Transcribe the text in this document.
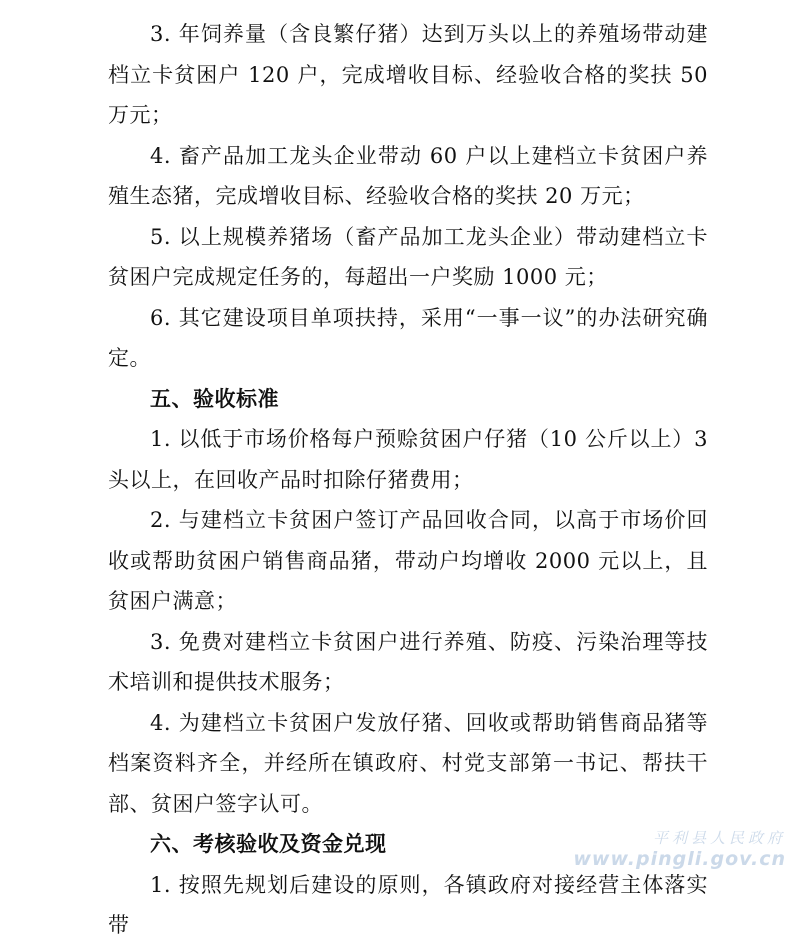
3. 年饲养量（含良繁仔猪）达到万头以上的养殖场带动建档立卡贫困户 120 户，完成增收目标、经验收合格的奖扶 50 万元；

4. 畜产品加工龙头企业带动 60 户以上建档立卡贫困户养殖生态猪，完成增收目标、经验收合格的奖扶 20 万元；

5. 以上规模养猪场（畜产品加工龙头企业）带动建档立卡贫困户完成规定任务的，每超出一户奖励 1000 元；

6. 其它建设项目单项扶持，采用“一事一议”的办法研究确定。

五、验收标准

1. 以低于市场价格每户预赊贫困户仔猪（10 公斤以上）3 头以上，在回收产品时扣除仔猪费用；

2. 与建档立卡贫困户签订产品回收合同，以高于市场价回收或帮助贫困户销售商品猪，带动户均增收 2000 元以上，且贫困户满意；

3. 免费对建档立卡贫困户进行养殖、防疫、污染治理等技术培训和提供技术服务；

4. 为建档立卡贫困户发放仔猪、回收或帮助销售商品猪等档案资料齐全，并经所在镇政府、村党支部第一书记、帮扶干部、贫困户签字认可。

六、考核验收及资金兑现

1. 按照先规划后建设的原则，各镇政府对接经营主体落实带

平利县人民政府
www.pingli.gov.cn
